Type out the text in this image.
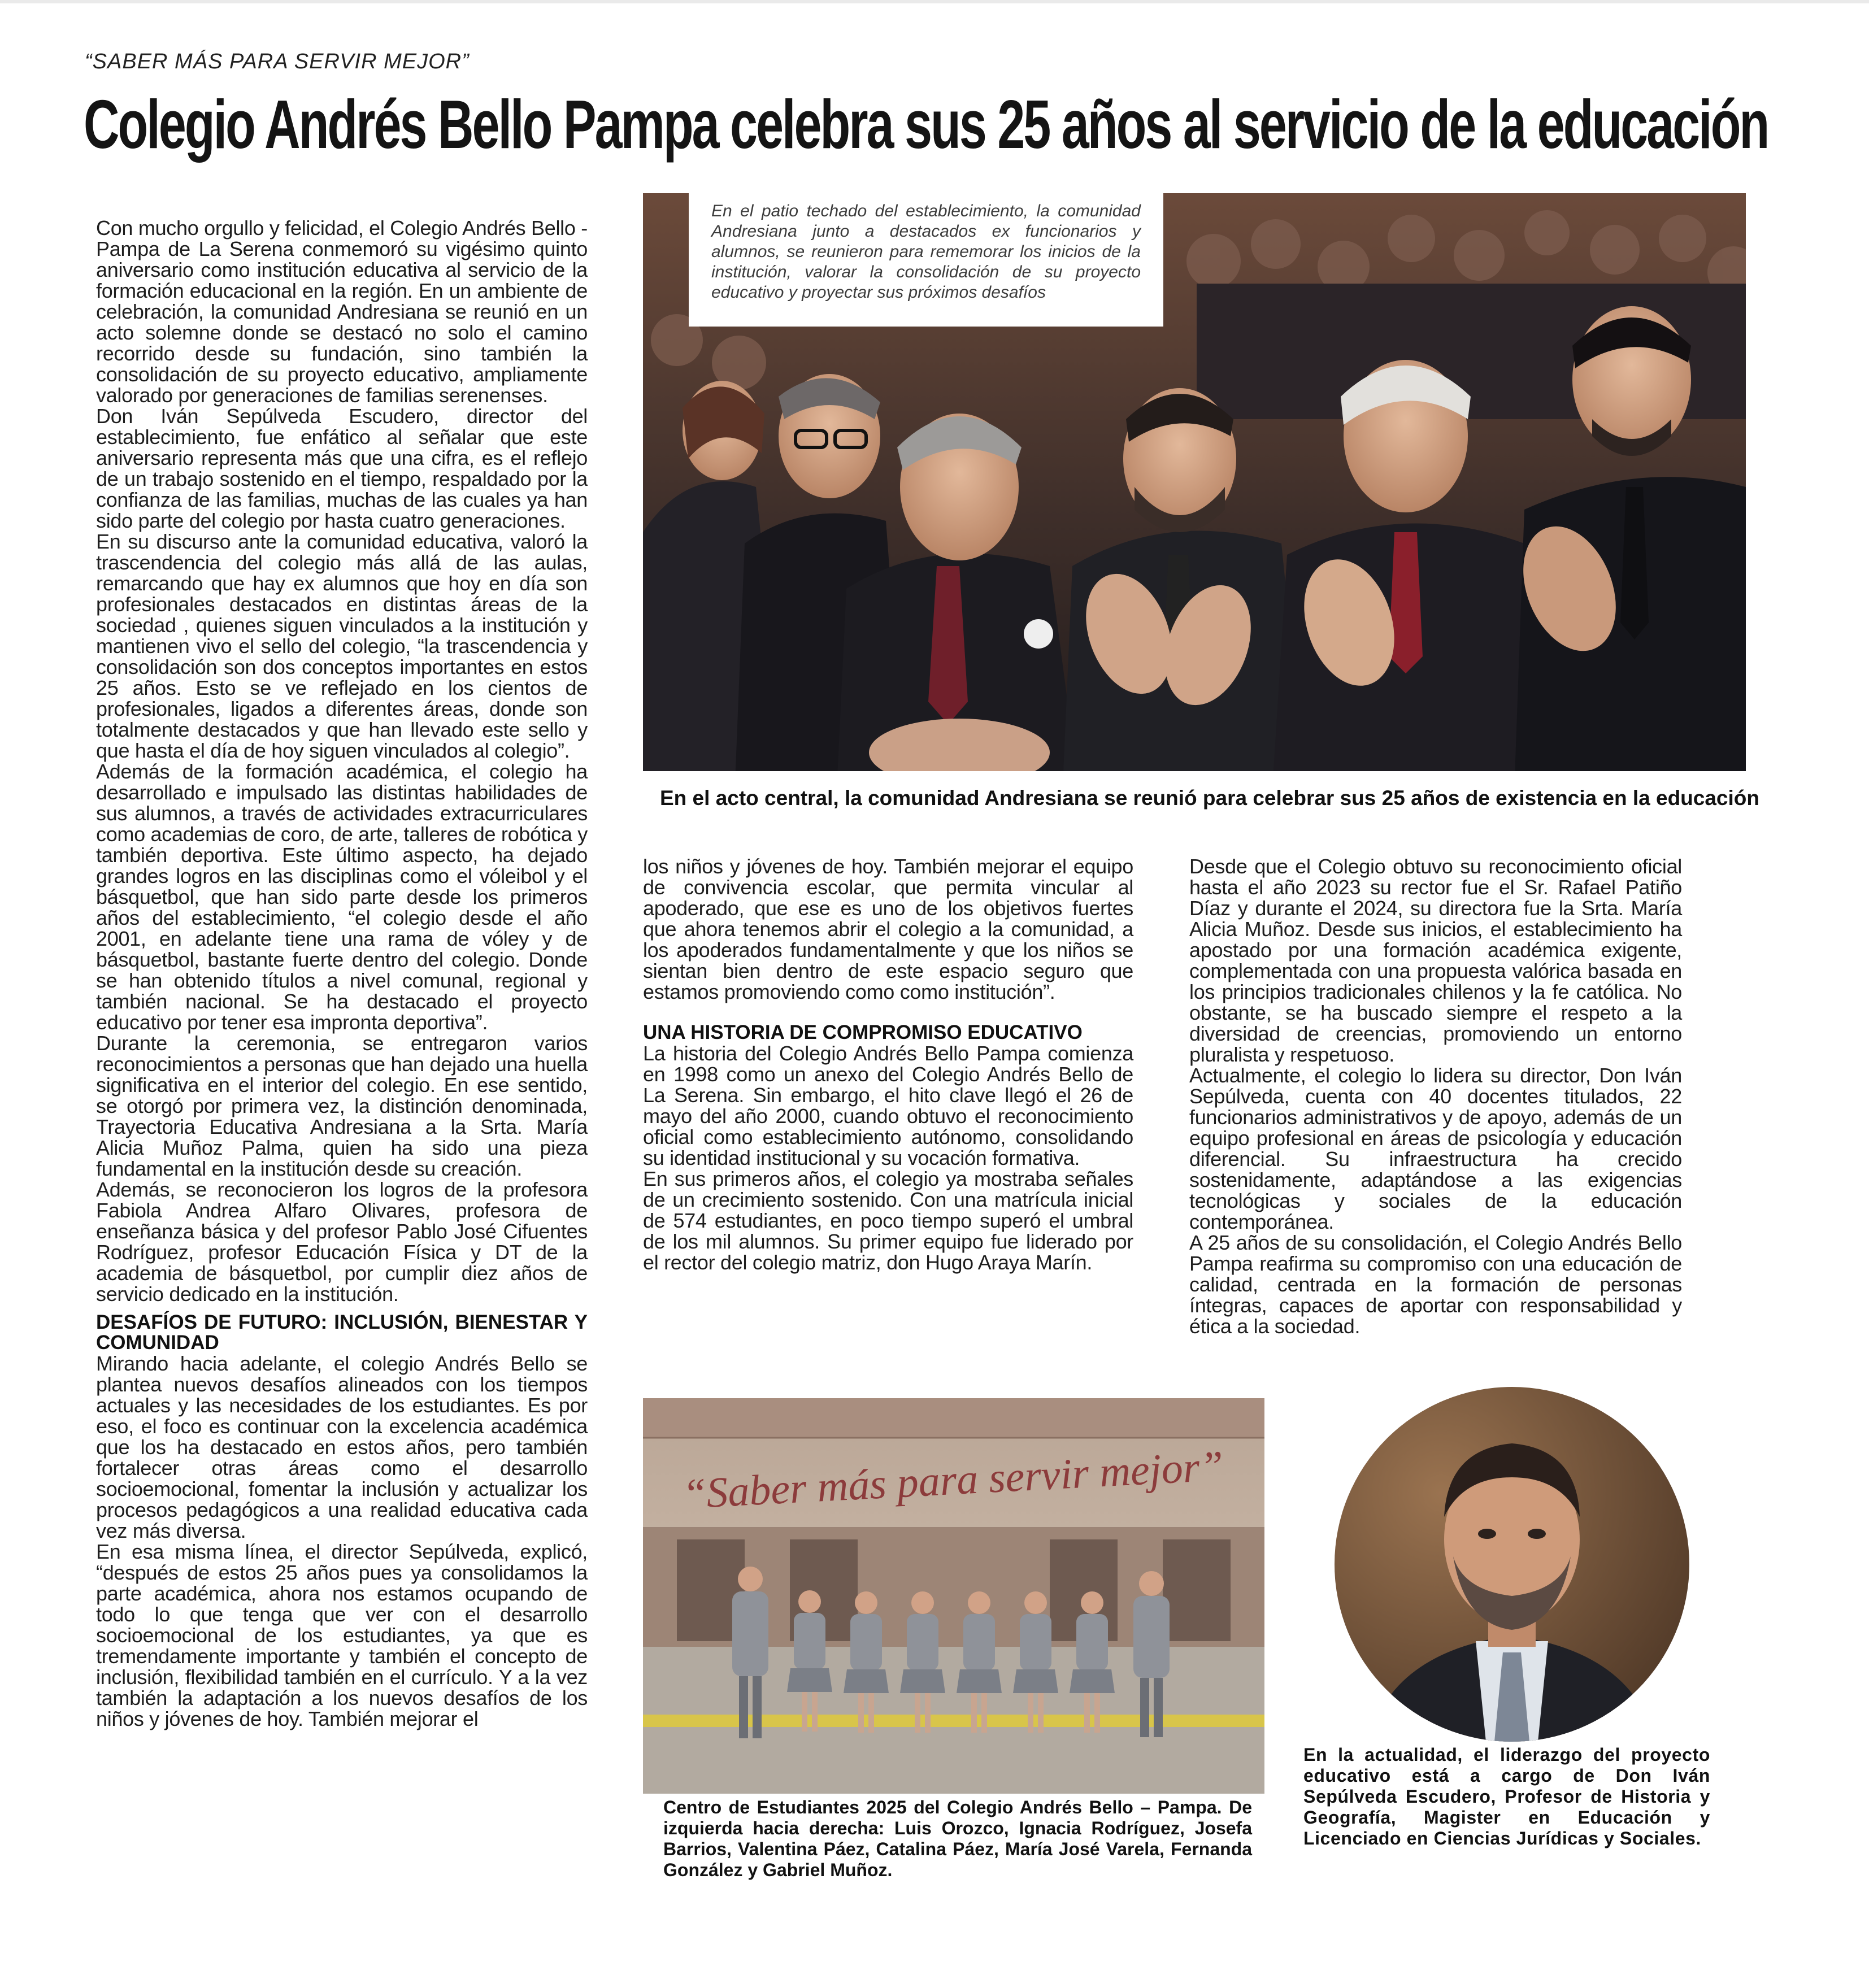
“SABER MÁS PARA SERVIR MEJOR”
Colegio Andrés Bello Pampa celebra sus 25 años al servicio de la educación

Con mucho orgullo y felicidad, el Colegio Andrés Bello - Pampa de La Serena conmemoró su vigésimo quinto aniversario como institución educativa al servicio de la formación educacional en la región. En un ambiente de celebración, la comunidad Andresiana se reunió en un acto solemne donde se destacó no solo el camino recorrido desde su fundación, sino también la consolidación de su proyecto educativo, ampliamente valorado por generaciones de familias serenenses.

Don Iván Sepúlveda Escudero, director del establecimiento, fue enfático al señalar que este aniversario representa más que una cifra, es el reflejo de un trabajo sostenido en el tiempo, respaldado por la confianza de las familias, muchas de las cuales ya han sido parte del colegio por hasta cuatro generaciones.

En su discurso ante la comunidad educativa, valoró la trascendencia del colegio más allá de las aulas, remarcando que hay ex alumnos que hoy en día son profesionales destacados en distintas áreas de la sociedad , quienes siguen vinculados a la institución y mantienen vivo el sello del colegio, “la trascendencia y consolidación son dos conceptos importantes en estos 25 años. Esto se ve reflejado en los cientos de profesionales, ligados a diferentes áreas, donde son totalmente destacados y que han llevado este sello y que hasta el día de hoy siguen vinculados al colegio”.

Además de la formación académica, el colegio ha desarrollado e impulsado las distintas habilidades de sus alumnos, a través de actividades extracurriculares como academias de coro, de arte, talleres de robótica y también deportiva. Este último aspecto, ha dejado grandes logros en las disciplinas como el vóleibol y el básquetbol, que han sido parte desde los primeros años del establecimiento, “el colegio desde el año 2001, en adelante tiene una rama de vóley y de básquetbol, bastante fuerte dentro del colegio. Donde se han obtenido títulos a nivel comunal, regional y también nacional. Se ha destacado el proyecto educativo por tener esa impronta deportiva”.

Durante la ceremonia, se entregaron varios reconocimientos a personas que han dejado una huella significativa en el interior del colegio. En ese sentido, se otorgó por primera vez, la distinción denominada, Trayectoria Educativa Andresiana a la Srta. María Alicia Muñoz Palma, quien ha sido una pieza fundamental en la institución desde su creación.

Además, se reconocieron los logros de la profesora Fabiola Andrea Alfaro Olivares, profesora de enseñanza básica y del profesor Pablo José Cifuentes Rodríguez, profesor Educación Física y DT de la academia de básquetbol, por cumplir diez años de servicio dedicado en la institución.

DESAFÍOS DE FUTURO: INCLUSIÓN, BIENESTAR Y COMUNIDAD

Mirando hacia adelante, el colegio Andrés Bello se plantea nuevos desafíos alineados con los tiempos actuales y las necesidades de los estudiantes. Es por eso, el foco es continuar con la excelencia académica que los ha destacado en estos años, pero también fortalecer otras áreas como el desarrollo socioemocional, fomentar la inclusión y actualizar los procesos pedagógicos a una realidad educativa cada vez más diversa.

En esa misma línea, el director Sepúlveda, explicó, “después de estos 25 años pues ya consolidamos la parte académica, ahora nos estamos ocupando de todo lo que tenga que ver con el desarrollo socioemocional de los estudiantes, ya que es tremendamente importante y también el concepto de inclusión, flexibilidad también en el currículo. Y a la vez también la adaptación a los nuevos desafíos de los niños y jóvenes de hoy. También mejorar el

En el patio techado del establecimiento, la comunidad Andresiana junto a destacados ex funcionarios y alumnos, se reunieron para rememorar los inicios de la institución, valorar la consolidación de su proyecto educativo y proyectar sus próximos desafíos
En el acto central, la comunidad Andresiana se reunió para celebrar sus 25 años de existencia en la educación

los niños y jóvenes de hoy. También mejorar el equipo de convivencia escolar, que permita vincular al apoderado, que ese es uno de los objetivos fuertes que ahora tenemos abrir el colegio a la comunidad, a los apoderados fundamentalmente y que los niños se sientan bien dentro de este espacio seguro que estamos promoviendo como como institución”.

UNA HISTORIA DE COMPROMISO EDUCATIVO

La historia del Colegio Andrés Bello Pampa comienza en 1998 como un anexo del Colegio Andrés Bello de La Serena. Sin embargo, el hito clave llegó el 26 de mayo del año 2000, cuando obtuvo el reconocimiento oficial como establecimiento autónomo, consolidando su identidad institucional y su vocación formativa.

En sus primeros años, el colegio ya mostraba señales de un crecimiento sostenido. Con una matrícula inicial de 574 estudiantes, en poco tiempo superó el umbral de los mil alumnos. Su primer equipo fue liderado por el rector del colegio matriz, don Hugo Araya Marín.

Desde que el Colegio obtuvo su reconocimiento oficial hasta el año 2023 su rector fue el Sr. Rafael Patiño Díaz y durante el 2024, su directora fue la Srta. María Alicia Muñoz. Desde sus inicios, el establecimiento ha apostado por una formación académica exigente, complementada con una propuesta valórica basada en los principios tradicionales chilenos y la fe católica. No obstante, se ha buscado siempre el respeto a la diversidad de creencias, promoviendo un entorno pluralista y respetuoso.

Actualmente, el colegio lo lidera su director, Don Iván Sepúlveda, cuenta con 40 docentes titulados, 22 funcionarios administrativos y de apoyo, además de un equipo profesional en áreas de psicología y educación diferencial. Su infraestructura ha crecido sostenidamente, adaptándose a las exigencias tecnológicas y sociales de la educación contemporánea.

A 25 años de su consolidación, el Colegio Andrés Bello Pampa reafirma su compromiso con una educación de calidad, centrada en la formación de personas íntegras, capaces de aportar con responsabilidad y ética a la sociedad.

“Saber más para servir mejor”
Centro de Estudiantes 2025 del Colegio Andrés Bello – Pampa. De izquierda hacia derecha: Luis Orozco, Ignacia Rodríguez, Josefa Barrios, Valentina Páez, Catalina Páez, María José Varela, Fernanda González y Gabriel Muñoz.
En la actualidad, el liderazgo del proyecto educativo está a cargo de Don Iván Sepúlveda Escudero, Profesor de Historia y Geografía, Magister en Educación y Licenciado en Ciencias Jurídicas y Sociales.
